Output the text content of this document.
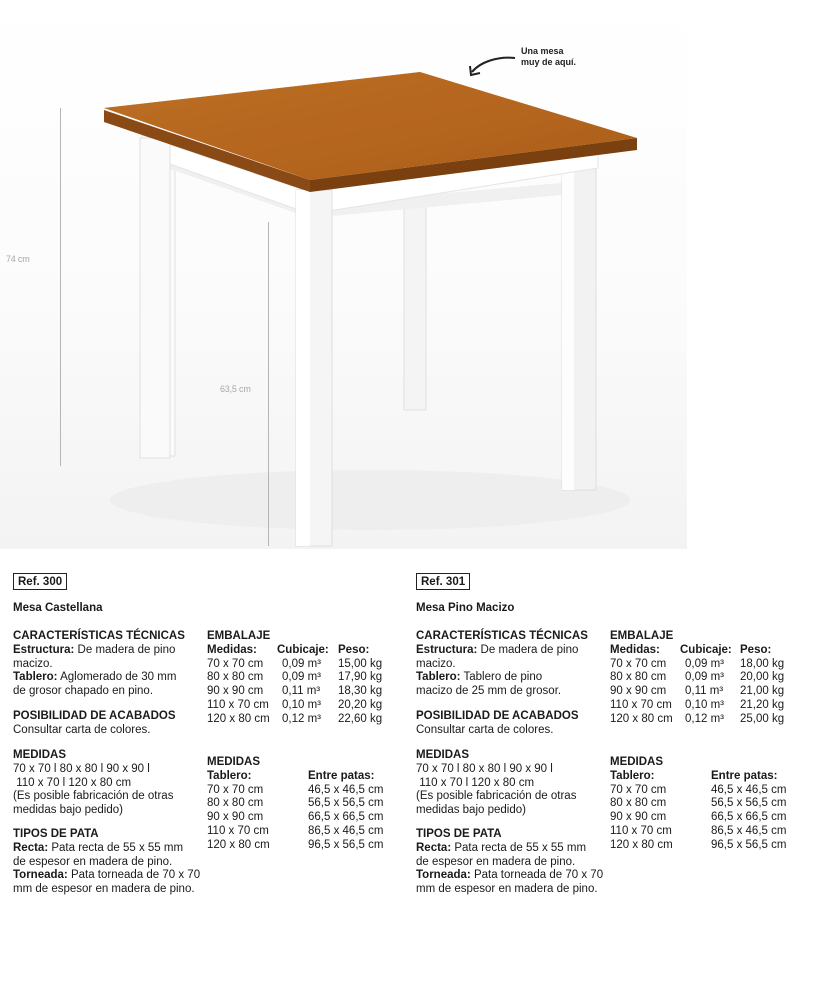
74 cm
63,5 cm
Una mesa
muy de aquí.
Ref. 300
Mesa Castellana
CARACTERÍSTICAS TÉCNICAS
Estructura: De madera de pino
macizo.
Tablero: Aglomerado de 30 mm
de grosor chapado en pino.
POSIBILIDAD DE ACABADOS
Consultar carta de colores.
MEDIDAS
70 x 70 l 80 x 80 l 90 x 90 l
110 x 70 l 120 x 80 cm
(Es posible fabricación de otras
medidas bajo pedido)
TIPOS DE PATA
Recta: Pata recta de 55 x 55 mm
de espesor en madera de pino.
Torneada: Pata torneada de 70 x 70
mm de espesor en madera de pino.
EMBALAJE
Medidas:	Cubicaje:	Peso:
70 x 70 cm	0,09 m³	15,00 kg
80 x 80 cm	0,09 m³	17,90 kg
90 x 90 cm	0,11 m³	18,30 kg
110 x 70 cm	0,10 m³	20,20 kg
120 x 80 cm	0,12 m³	22,60 kg
MEDIDAS
Tablero:	Entre patas:
70 x 70 cm	46,5 x 46,5 cm
80 x 80 cm	56,5 x 56,5 cm
90 x 90 cm	66,5 x 66,5 cm
110 x 70 cm	86,5 x 46,5 cm
120 x 80 cm	96,5 x 56,5 cm
Ref. 301
Mesa Pino Macizo
CARACTERÍSTICAS TÉCNICAS
Estructura: De madera de pino
macizo.
Tablero: Tablero de pino
macizo de 25 mm de grosor.
POSIBILIDAD DE ACABADOS
Consultar carta de colores.
MEDIDAS
70 x 70 l 80 x 80 l 90 x 90 l
110 x 70 l 120 x 80 cm
(Es posible fabricación de otras
medidas bajo pedido)
TIPOS DE PATA
Recta: Pata recta de 55 x 55 mm
de espesor en madera de pino.
Torneada: Pata torneada de 70 x 70
mm de espesor en madera de pino.
EMBALAJE
Medidas:	Cubicaje:	Peso:
70 x 70 cm	0,09 m³	18,00 kg
80 x 80 cm	0,09 m³	20,00 kg
90 x 90 cm	0,11 m³	21,00 kg
110 x 70 cm	0,10 m³	21,20 kg
120 x 80 cm	0,12 m³	25,00 kg
MEDIDAS
Tablero:	Entre patas:
70 x 70 cm	46,5 x 46,5 cm
80 x 80 cm	56,5 x 56,5 cm
90 x 90 cm	66,5 x 66,5 cm
110 x 70 cm	86,5 x 46,5 cm
120 x 80 cm	96,5 x 56,5 cm
